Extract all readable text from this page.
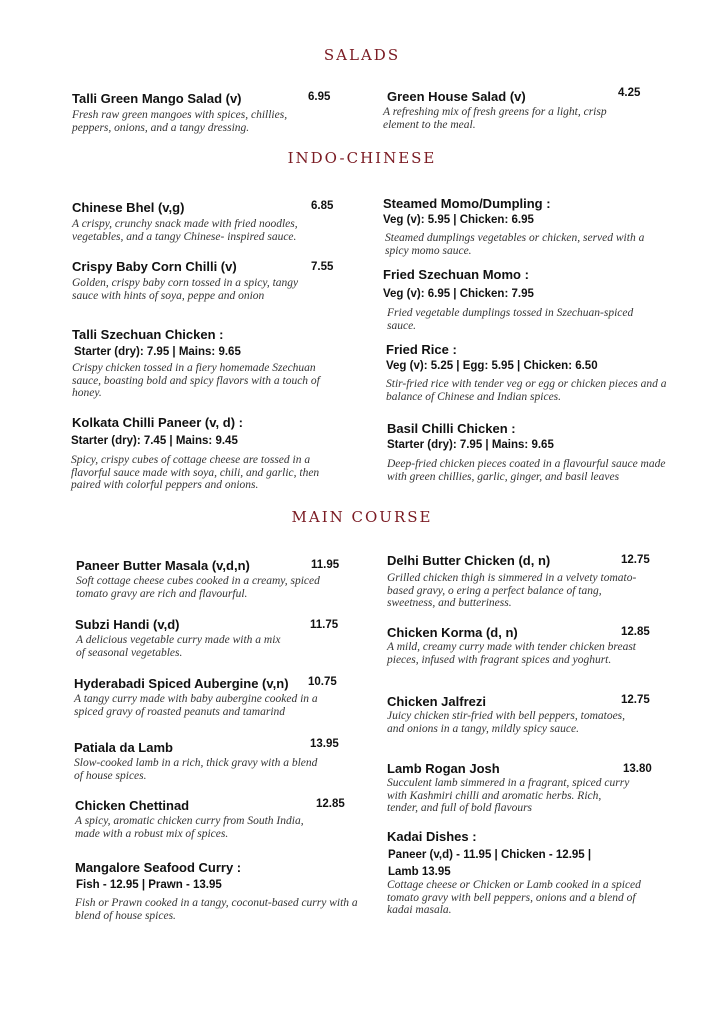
SALADS
Talli Green Mango Salad (v)	6.95
Fresh raw green mangoes with spices, chillies, peppers, onions, and a tangy dressing.
Green House Salad (v)	4.25
A refreshing mix of fresh greens for a light, crisp element to the meal.
INDO-CHINESE
Chinese Bhel (v,g)	6.85
A crispy, crunchy snack made with fried noodles, vegetables, and a tangy Chinese- inspired sauce.
Crispy Baby Corn Chilli (v)	7.55
Golden, crispy baby corn tossed in a spicy, tangy sauce with hints of soya, peppe and onion
Talli Szechuan Chicken :
Starter (dry): 7.95 | Mains: 9.65
Crispy chicken tossed in a fiery homemade Szechuan sauce, boasting bold and spicy flavors with a touch of honey.
Kolkata Chilli Paneer (v, d) :
Starter (dry): 7.45 | Mains: 9.45
Spicy, crispy cubes of cottage cheese are tossed in a flavorful sauce made with soya, chili, and garlic, then paired with colorful peppers and onions.
Steamed Momo/Dumpling :
Veg (v): 5.95 | Chicken: 6.95
Steamed dumplings vegetables or chicken, served with a spicy momo sauce.
Fried Szechuan Momo :
Veg (v): 6.95 | Chicken: 7.95
Fried vegetable dumplings tossed in Szechuan-spiced sauce.
Fried Rice :
Veg (v): 5.25 | Egg: 5.95 | Chicken: 6.50
Stir-fried rice with tender veg or egg or chicken pieces and a balance of Chinese and Indian spices.
Basil Chilli Chicken :
Starter (dry): 7.95 | Mains: 9.65
Deep-fried chicken pieces coated in a flavourful sauce made with green chillies, garlic, ginger, and basil leaves
MAIN COURSE
Paneer Butter Masala (v,d,n)	11.95
Soft cottage cheese cubes cooked in a creamy, spiced tomato gravy are rich and flavourful.
Subzi Handi (v,d)	11.75
A delicious vegetable curry made with a mix of seasonal vegetables.
Hyderabadi Spiced Aubergine (v,n) 10.75
A tangy curry made with baby aubergine cooked in a spiced gravy of roasted peanuts and tamarind
Patiala da Lamb	13.95
Slow-cooked lamb in a rich, thick gravy with a blend of house spices.
Chicken Chettinad	12.85
A spicy, aromatic chicken curry from South India, made with a robust mix of spices.
Mangalore Seafood Curry :
Fish - 12.95 | Prawn - 13.95
Fish or Prawn cooked in a tangy, coconut-based curry with a blend of house spices.
Delhi Butter Chicken (d, n)	12.75
Grilled chicken thigh is simmered in a velvety tomato-based gravy, o ering a perfect balance of tang, sweetness, and butteriness.
Chicken Korma (d, n)	12.85
A mild, creamy curry made with tender chicken breast pieces, infused with fragrant spices and yoghurt.
Chicken Jalfrezi	12.75
Juicy chicken stir-fried with bell peppers, tomatoes, and onions in a tangy, mildly spicy sauce.
Lamb Rogan Josh	13.80
Succulent lamb simmered in a fragrant, spiced curry with Kashmiri chilli and aromatic herbs. Rich, tender, and full of bold flavours
Kadai Dishes :
Paneer (v,d) - 11.95 | Chicken - 12.95 |
Lamb 13.95
Cottage cheese or Chicken or Lamb cooked in a spiced tomato gravy with bell peppers, onions and a blend of kadai masala.
